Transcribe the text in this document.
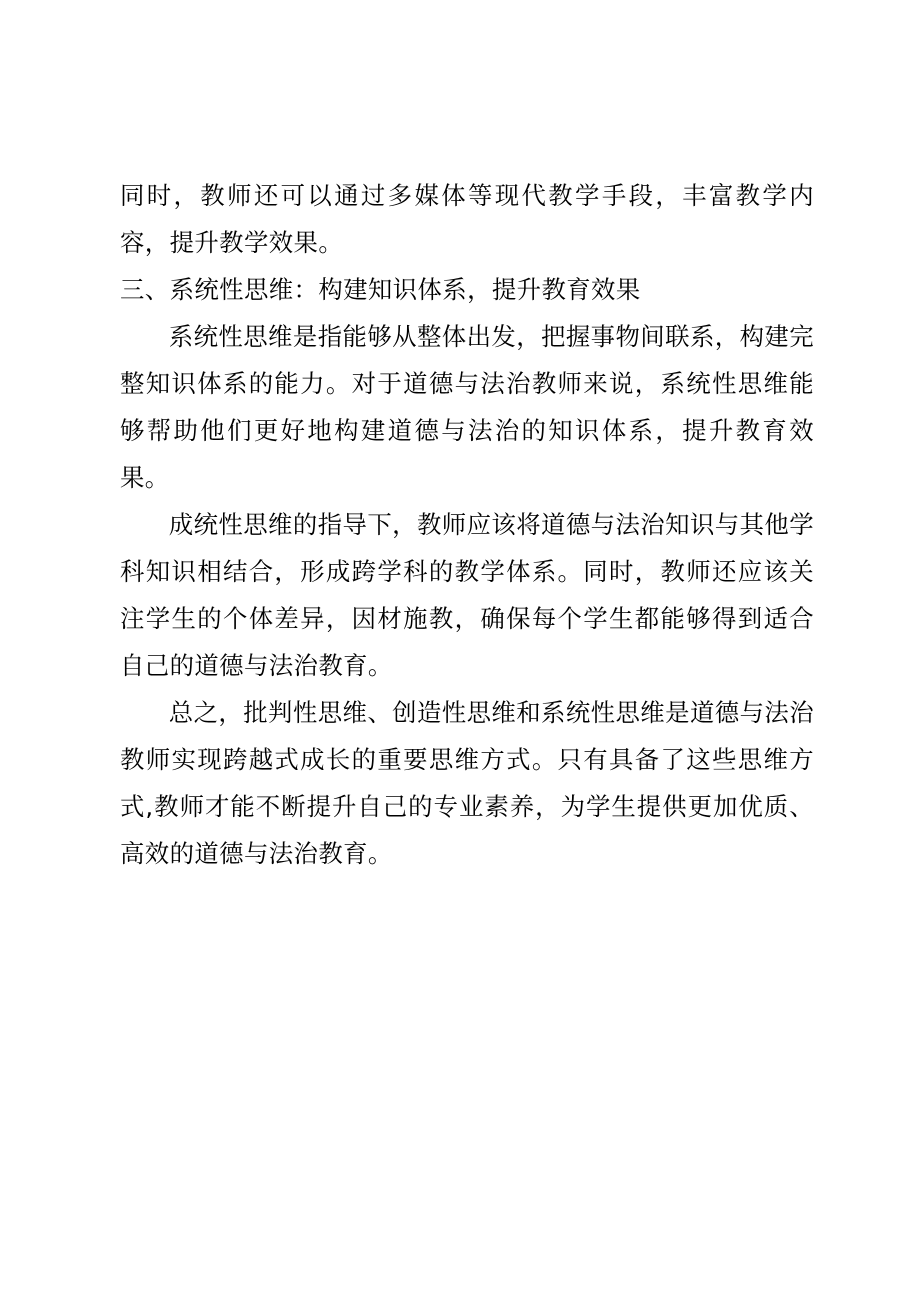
同时，教师还可以通过多媒体等现代教学手段，丰富教学内容，提升教学效果。

三、系统性思维：构建知识体系，提升教育效果

系统性思维是指能够从整体出发，把握事物间联系，构建完整知识体系的能力。对于道德与法治教师来说，系统性思维能够帮助他们更好地构建道德与法治的知识体系，提升教育效果。

成统性思维的指导下，教师应该将道德与法治知识与其他学科知识相结合，形成跨学科的教学体系。同时，教师还应该关注学生的个体差异，因材施教，确保每个学生都能够得到适合自己的道德与法治教育。

总之，批判性思维、创造性思维和系统性思维是道德与法治教师实现跨越式成长的重要思维方式。只有具备了这些思维方式,教师才能不断提升自己的专业素养，为学生提供更加优质、高效的道德与法治教育。
